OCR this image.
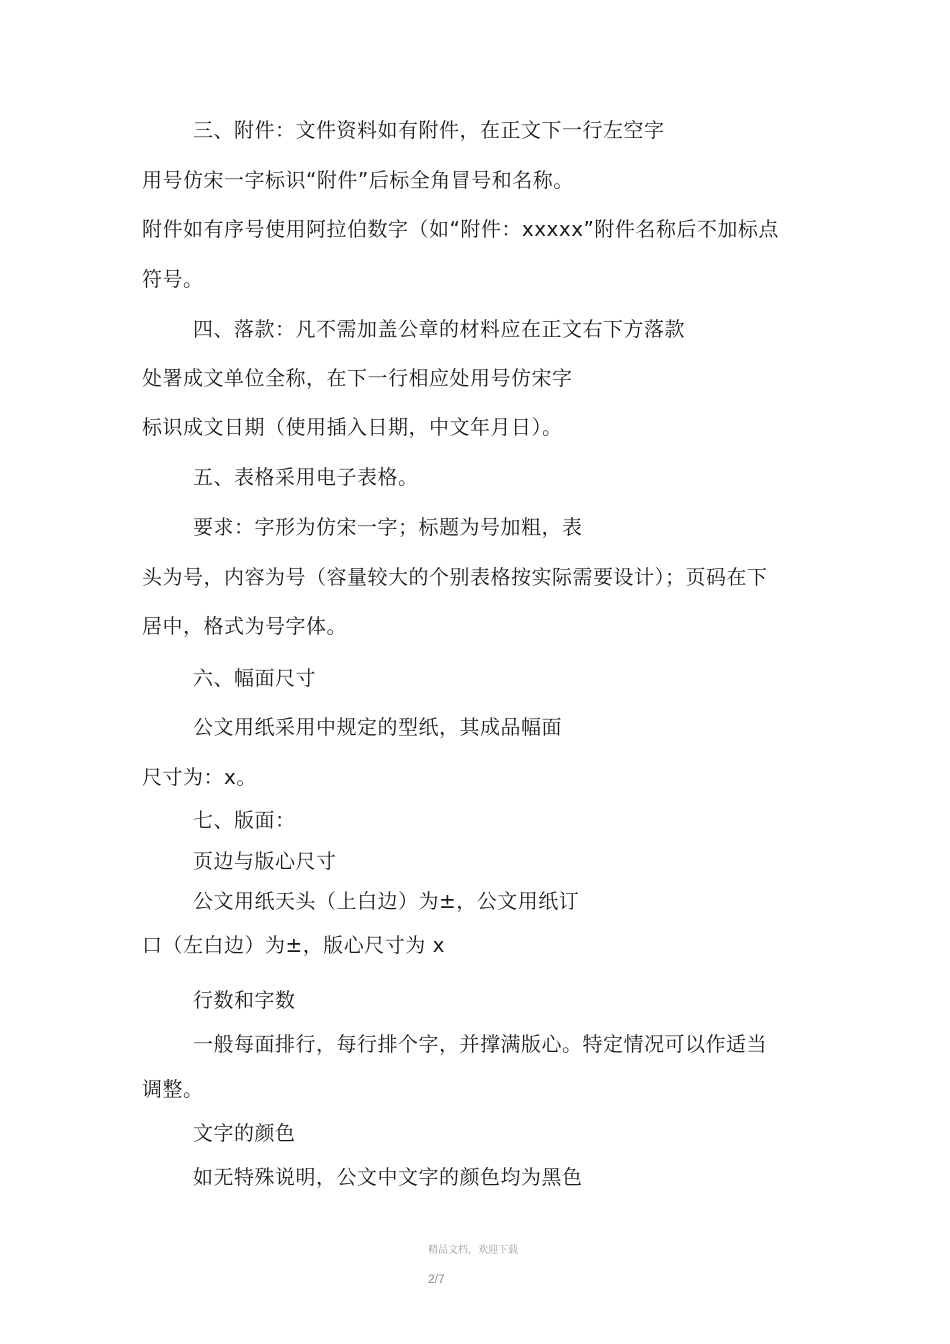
三、附件：文件资料如有附件，在正文下一行左空字

用号仿宋一字标识“附件”后标全角冒号和名称。

附件如有序号使用阿拉伯数字（如“附件：xxxxx”附件名称后不加标点

符号。

四、落款：凡不需加盖公章的材料应在正文右下方落款

处署成文单位全称，在下一行相应处用号仿宋字

标识成文日期（使用插入日期，中文年月日）。

五、表格采用电子表格。

要求：字形为仿宋一字；标题为号加粗，表

头为号，内容为号（容量较大的个别表格按实际需要设计）；页码在下

居中，格式为号字体。

六、幅面尺寸

公文用纸采用中规定的型纸，其成品幅面

尺寸为：x。

七、版面：

页边与版心尺寸

公文用纸天头（上白边）为±，公文用纸订

口（左白边）为±，版心尺寸为 x

行数和字数

一般每面排行，每行排个字，并撑满版心。特定情况可以作适当

调整。

文字的颜色

如无特殊说明，公文中文字的颜色均为黑色

精品文档，欢迎下载
2/7
